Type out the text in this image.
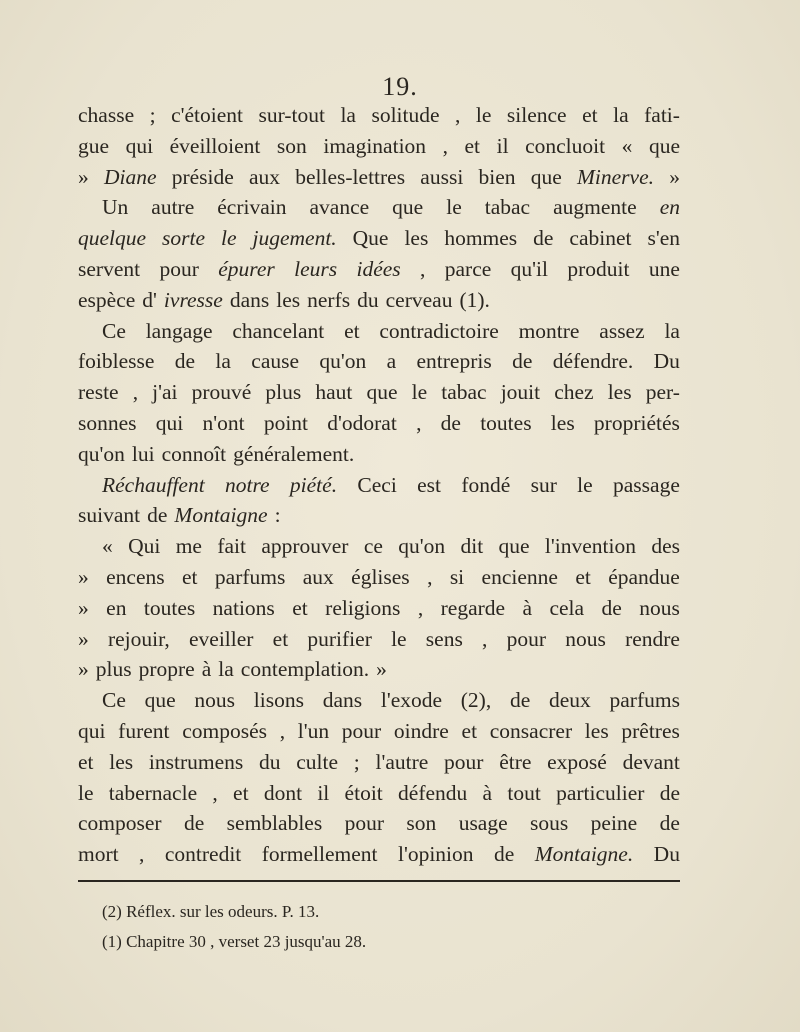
19.
chasse ; c'étoient sur-tout la solitude , le silence et la fati-
gue qui éveilloient son imagination , et il concluoit « que
» Diane préside aux belles-lettres aussi bien que Minerve. »
Un autre écrivain avance que le tabac augmente en
quelque sorte le jugement. Que les hommes de cabinet s'en
servent pour épurer leurs idées , parce qu'il produit une
espèce d' ivresse dans les nerfs du cerveau (1).
Ce langage chancelant et contradictoire montre assez la
foiblesse de la cause qu'on a entrepris de défendre. Du
reste , j'ai prouvé plus haut que le tabac jouit chez les per-
sonnes qui n'ont point d'odorat , de toutes les propriétés
qu'on lui connoît généralement.
Réchauffent notre piété. Ceci est fondé sur le passage
suivant de Montaigne :
« Qui me fait approuver ce qu'on dit que l'invention des
» encens et parfums aux églises , si encienne et épandue
» en toutes nations et religions , regarde à cela de nous
» rejouir, eveiller et purifier le sens , pour nous rendre
» plus propre à la contemplation. »
Ce que nous lisons dans l'exode (2), de deux parfums
qui furent composés , l'un pour oindre et consacrer les prêtres
et les instrumens du culte ; l'autre pour être exposé devant
le tabernacle , et dont il étoit défendu à tout particulier de
composer de semblables pour son usage sous peine de
mort , contredit formellement l'opinion de Montaigne. Du
(2) Réflex. sur les odeurs. P. 13.
(1) Chapitre 30 , verset 23 jusqu'au 28.
